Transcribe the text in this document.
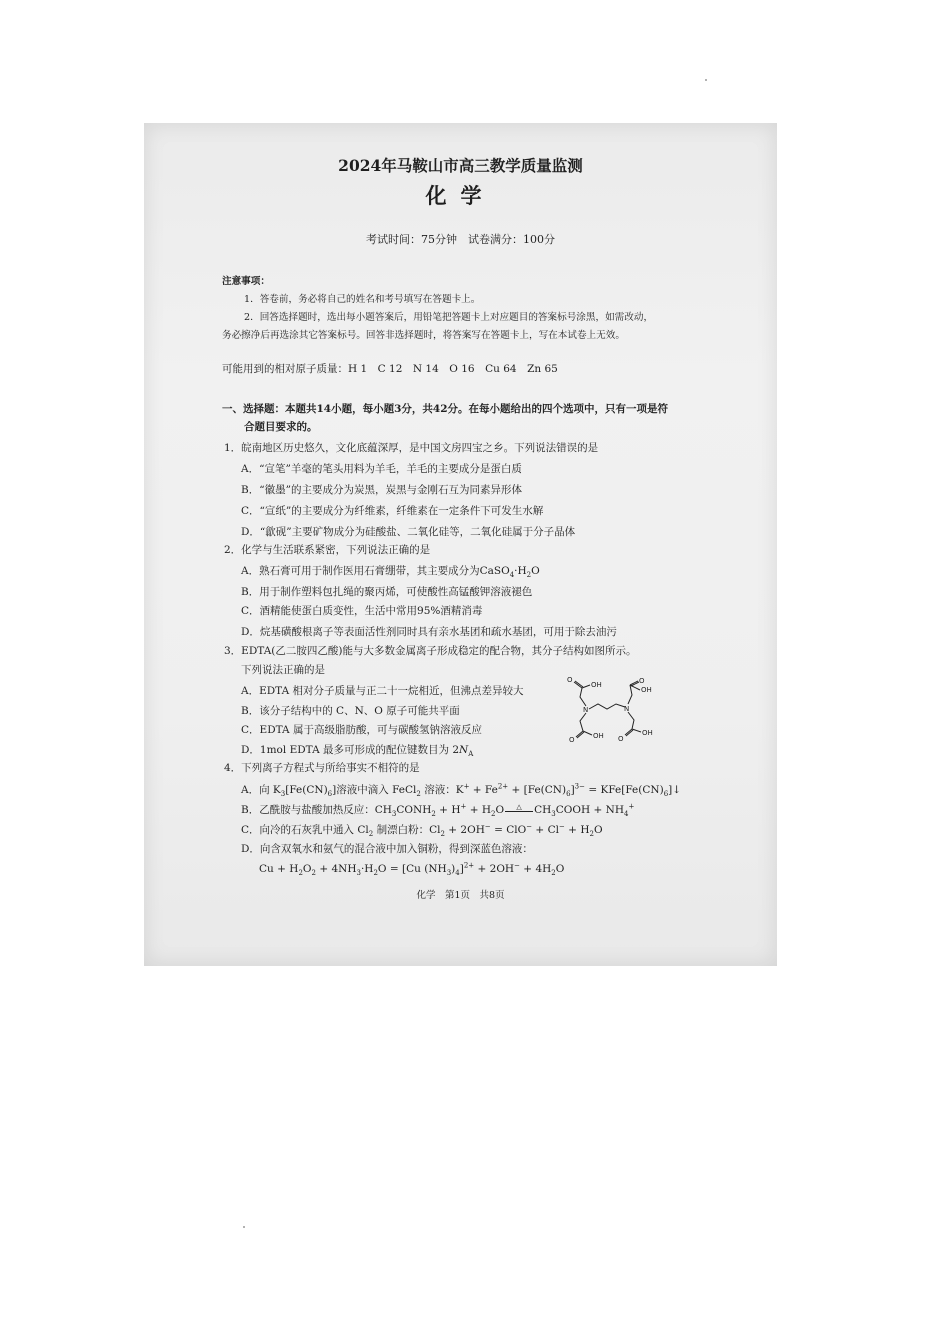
2024年马鞍山市高三教学质量监测
化学
考试时间：75分钟　试卷满分：100分
注意事项：
1．答卷前，务必将自己的姓名和考号填写在答题卡上。
2．回答选择题时，选出每小题答案后，用铅笔把答题卡上对应题目的答案标号涂黑，如需改动，
务必擦净后再选涂其它答案标号。回答非选择题时，将答案写在答题卡上，写在本试卷上无效。
可能用到的相对原子质量：H 1　C 12　N 14　O 16　Cu 64　Zn 65
一、选择题：本题共14小题，每小题3分，共42分。在每小题给出的四个选项中，只有一项是符
合题目要求的。
1．皖南地区历史悠久，文化底蕴深厚，是中国文房四宝之乡。下列说法错误的是
A．“宣笔”羊毫的笔头用料为羊毛，羊毛的主要成分是蛋白质
B．“徽墨”的主要成分为炭黑，炭黑与金刚石互为同素异形体
C．“宣纸”的主要成分为纤维素，纤维素在一定条件下可发生水解
D．“歙砚”主要矿物成分为硅酸盐、二氧化硅等，二氧化硅属于分子晶体
2．化学与生活联系紧密，下列说法正确的是
A．熟石膏可用于制作医用石膏绷带，其主要成分为$CaSO_4\cdot H_2O$
B．用于制作塑料包扎绳的聚丙烯，可使酸性高锰酸钾溶液褪色
C．酒精能使蛋白质变性，生活中常用95%酒精消毒
D．烷基磺酸根离子等表面活性剂同时具有亲水基团和疏水基团，可用于除去油污
3．EDTA(乙二胺四乙酸)能与大多数金属离子形成稳定的配合物，其分子结构如图所示。
下列说法正确的是
A．EDTA 相对分子质量与正二十一烷相近，但沸点差异较大
B．该分子结构中的 C、N、O 原子可能共平面
C．EDTA 属于高级脂肪酸，可与碳酸氢钠溶液反应
D．1mol EDTA 最多可形成的配位键数目为 $2N_A$
OH
O
N	N
O
OH
O	OH O
OH
4．下列离子方程式与所给事实不相符的是
A．向 $K_3[Fe(CN)_6]$溶液中滴入 FeCl$_2$ 溶液：$K^+ + Fe^{2+} + [Fe(CN)_6]^{3-}$ = $KFe[Fe(CN)_6]↓$
B．乙酰胺与盐酸加热反应：$CH_3CONH_2 + H^+ + H_2O$ △ $CH_3COOH + NH_4^+$
C．向冷的石灰乳中通入 $Cl_2$ 制漂白粉：$Cl_2 + 2OH^- = ClO^- + Cl^- + H_2O$
D．向含双氧水和氨气的混合液中加入铜粉，得到深蓝色溶液：
$Cu + H_2O_2 + 4NH_3\cdot H_2O = [Cu$ $(NH_3)_4]^{2+} + 2OH^- + 4H_2O$
化学　第1页　共8页
